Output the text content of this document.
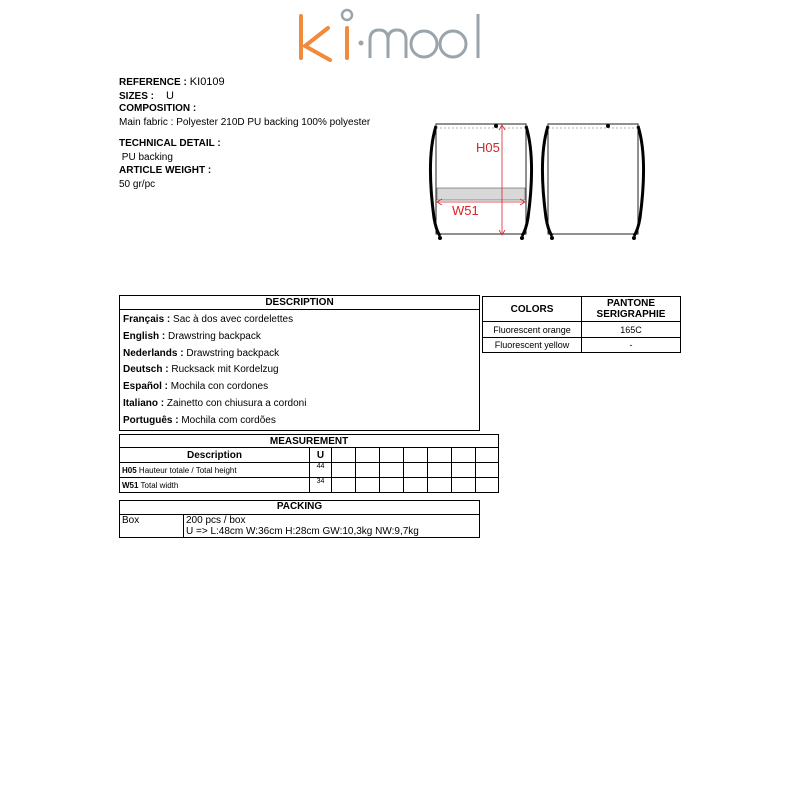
ki-mood
REFERENCE : KI0109
SIZES : U
COMPOSITION :
Main fabric : Polyester 210D PU backing 100% polyester
TECHNICAL DETAIL :
PU backing
ARTICLE WEIGHT :
50 gr/pc
H05
W51
DESCRIPTION

Français : Sac à dos avec cordelettes
English : Drawstring backpack
Nederlands : Drawstring backpack
Deutsch : Rucksack mit Kordelzug
Español : Mochila con cordones
Italiano : Zainetto con chiusura a cordoni
Português : Mochila com cordões
COLORS	PANTONE
SERIGRAPHIE

Fluorescent orange	165C
Fluorescent yellow	-
MEASUREMENT								
Description	U							
H05 Hauteur totale / Total height	44							
W51 Total width	34							
PACKING
Box	200 pcs / box
U => L:48cm W:36cm H:28cm GW:10,3kg NW:9,7kg
